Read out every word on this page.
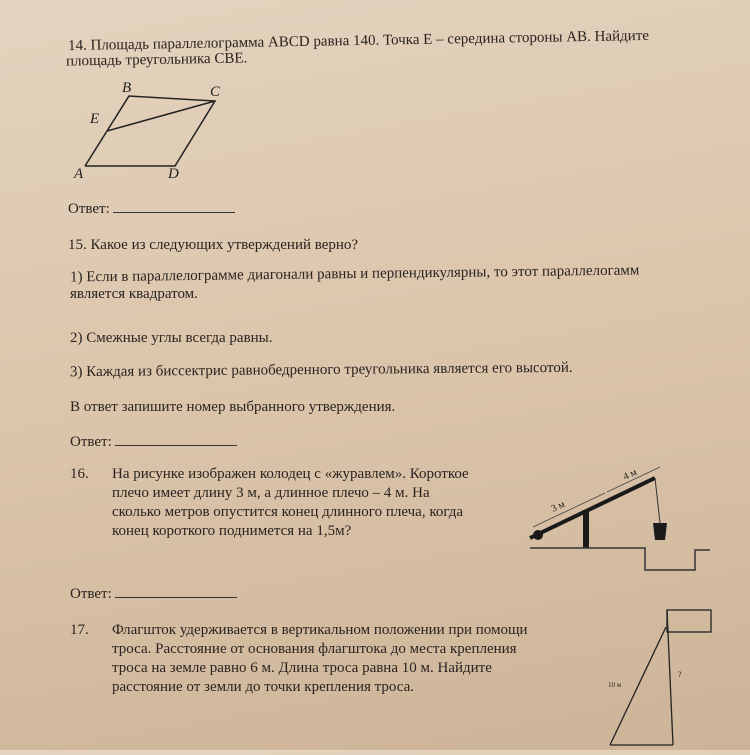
14. Площадь параллелограмма ABCD равна 140. Точка E – середина стороны AB. Найдите
площадь треугольника CBE.
B	C
E
A	D
Ответ:
15. Какое из следующих утверждений верно?
1) Если в параллелограмме диагонали равны и перпендикулярны, то этот параллелогамм
является квадратом.
2) Смежные углы всегда равны.
3) Каждая из биссектрис равнобедренного треугольника является его высотой.
В ответ запишите номер выбранного утверждения.
Ответ:
16. На рисунке изображен колодец с «журавлем». Короткое
плечо имеет длину 3 м, а длинное плечо – 4 м. На
сколько метров опустится конец длинного плеча, когда
конец короткого поднимется на 1,5м?
3 м
4 м
Ответ:
17. Флагшток удерживается в вертикальном положении при помощи
троса. Расстояние от основания флагштока до места крепления
троса на земле равно 6 м. Длина троса равна 10 м. Найдите
расстояние от земли до точки крепления троса.	10 м
?
